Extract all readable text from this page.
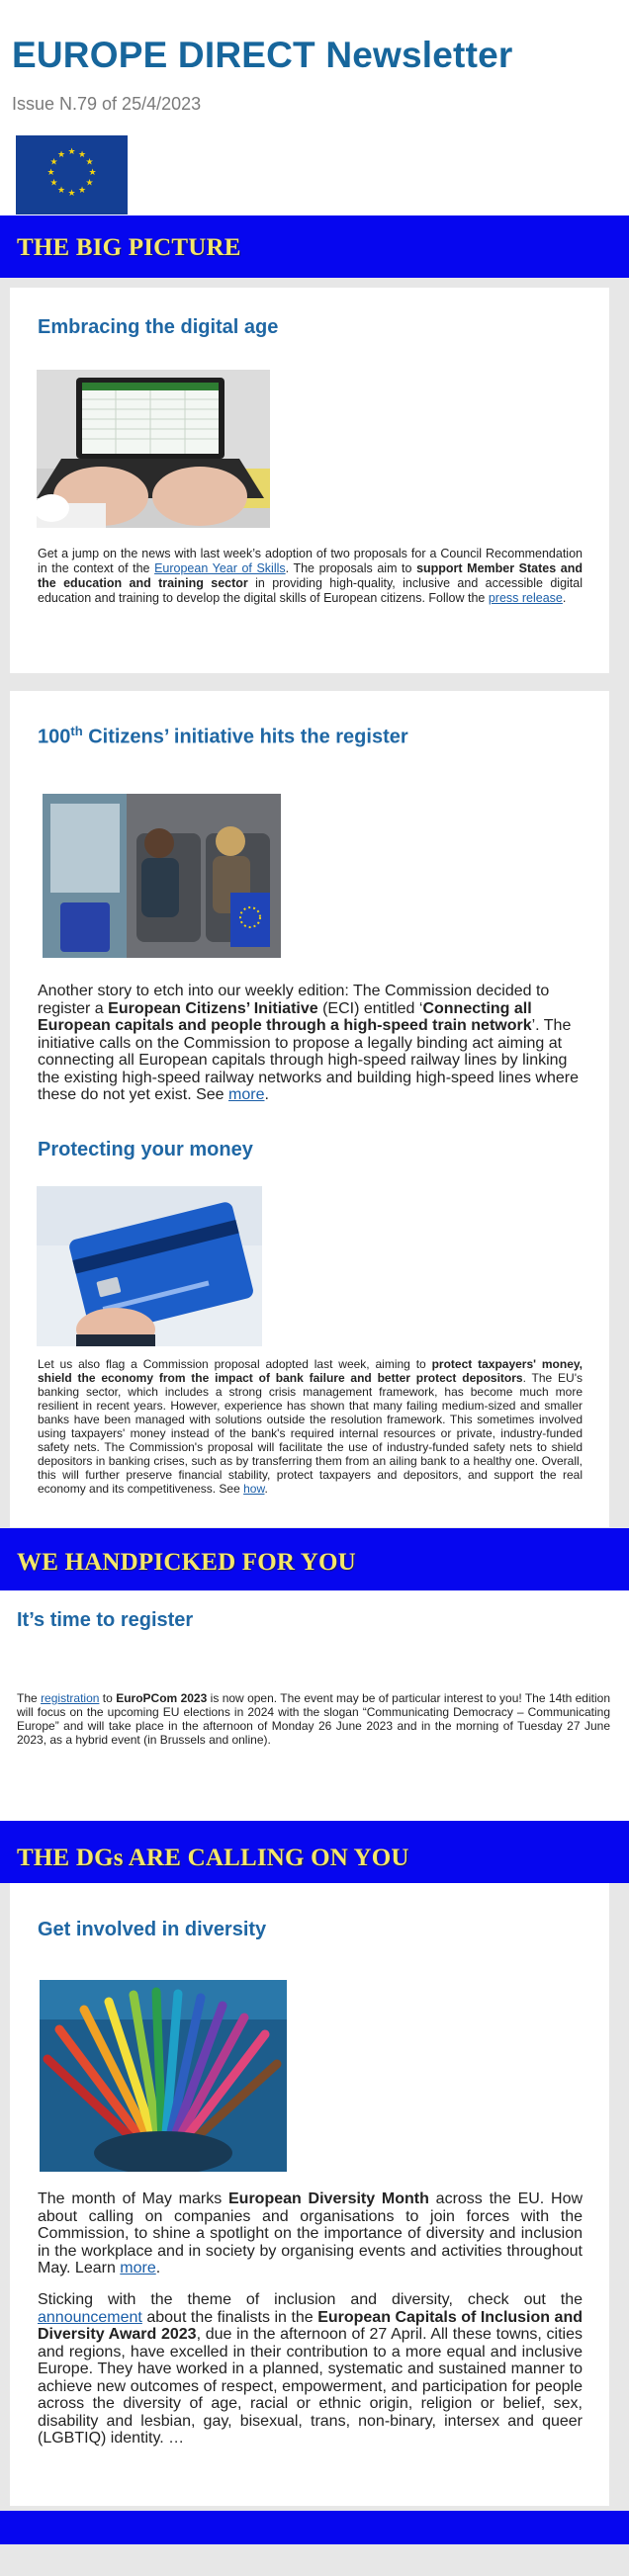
EUROPE DIRECT Newsletter
Issue N.79 of 25/4/2023
★ ★
★
★
★
★
★
★
★
★
★
★
THE BIG PICTURE
Embracing the digital age

Get a jump on the news with last week’s adoption of two proposals for a Council Recommendation in the context of the European Year of Skills. The proposals aim to support Member States and the education and training sector in providing high-quality, inclusive and accessible digital education and training to develop the digital skills of European citizens. Follow the press release.

100th Citizens’ initiative hits the register

Another story to etch into our weekly edition: The Commission decided to register a European Citizens’ Initiative (ECI) entitled ‘Connecting all European capitals and people through a high-speed train network’. The initiative calls on the Commission to propose a legally binding act aiming at connecting all European capitals through high-speed railway lines by linking the existing high-speed railway networks and building high-speed lines where these do not yet exist. See more.

Protecting your money

Let us also flag a Commission proposal adopted last week, aiming to protect taxpayers' money, shield the economy from the impact of bank failure and better protect depositors. The EU's banking sector, which includes a strong crisis management framework, has become much more resilient in recent years. However, experience has shown that many failing medium-sized and smaller banks have been managed with solutions outside the resolution framework. This sometimes involved using taxpayers' money instead of the bank's required internal resources or private, industry-funded safety nets. The Commission's proposal will facilitate the use of industry-funded safety nets to shield depositors in banking crises, such as by transferring them from an ailing bank to a healthy one. Overall, this will further preserve financial stability, protect taxpayers and depositors, and support the real economy and its competitiveness. See how.

WE HANDPICKED FOR YOU
It’s time to register

The registration to EuroPCom 2023 is now open. The event may be of particular interest to you! The 14th edition will focus on the upcoming EU elections in 2024 with the slogan “Communicating Democracy – Communicating Europe” and will take place in the afternoon of Monday 26 June 2023 and in the morning of Tuesday 27 June 2023, as a hybrid event (in Brussels and online).

THE DGs ARE CALLING ON YOU
Get involved in diversity

The month of May marks European Diversity Month across the EU. How about calling on companies and organisations to join forces with the Commission, to shine a spotlight on the importance of diversity and inclusion in the workplace and in society by organising events and activities throughout May. Learn more.

Sticking with the theme of inclusion and diversity, check out the announcement about the finalists in the European Capitals of Inclusion and Diversity Award 2023, due in the afternoon of 27 April. All these towns, cities and regions, have excelled in their contribution to a more equal and inclusive Europe. They have worked in a planned, systematic and sustained manner to achieve new outcomes of respect, empowerment, and participation for people across the diversity of age, racial or ethnic origin, religion or belief, sex, disability and lesbian, gay, bisexual, trans, non-binary, intersex and queer (LGBTIQ) identity. …
